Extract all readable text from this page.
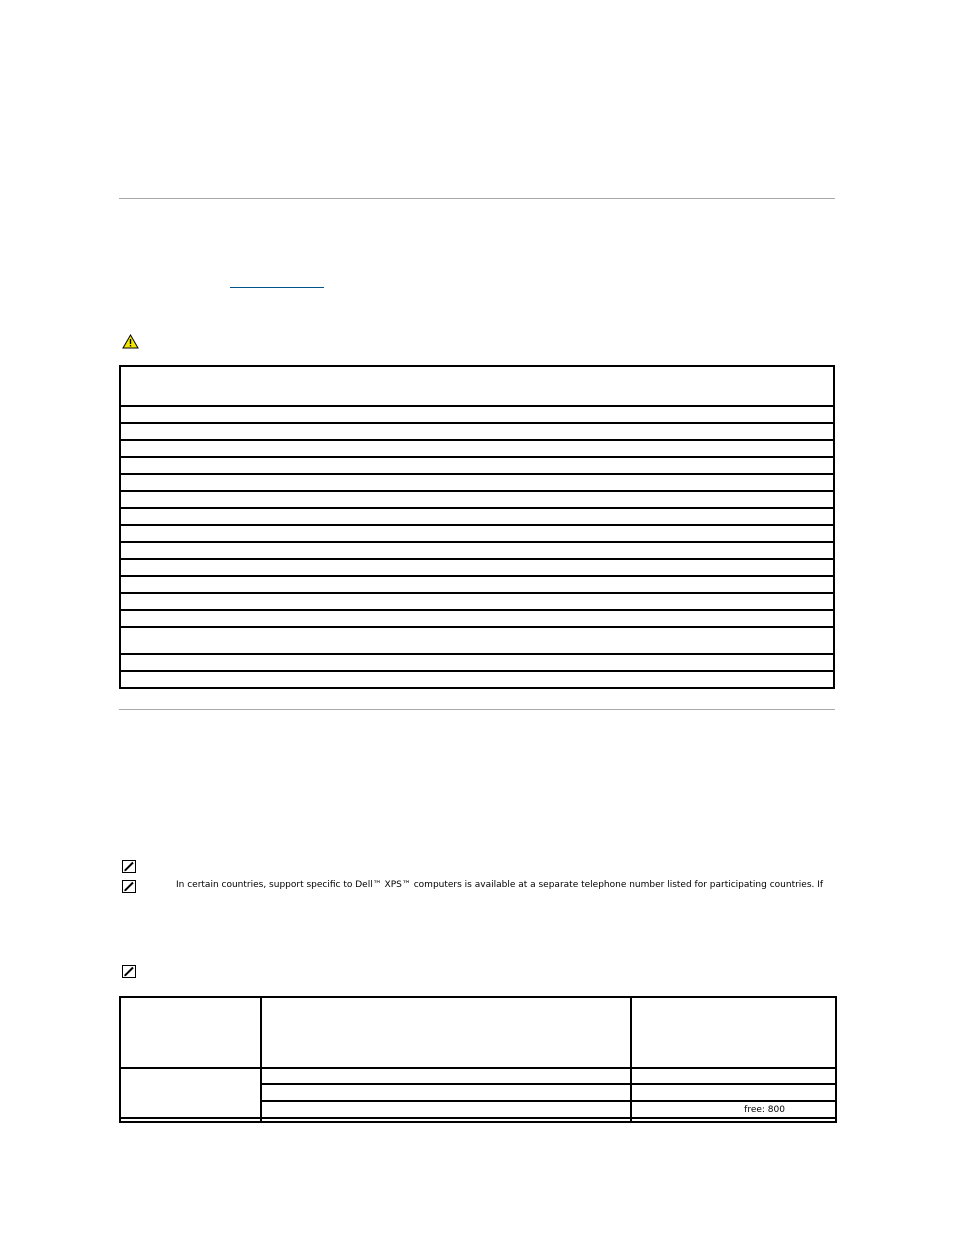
In certain countries, support specific to Dell™ XPS™ computers is available at a separate telephone number listed for participating countries. If

		free: 800
